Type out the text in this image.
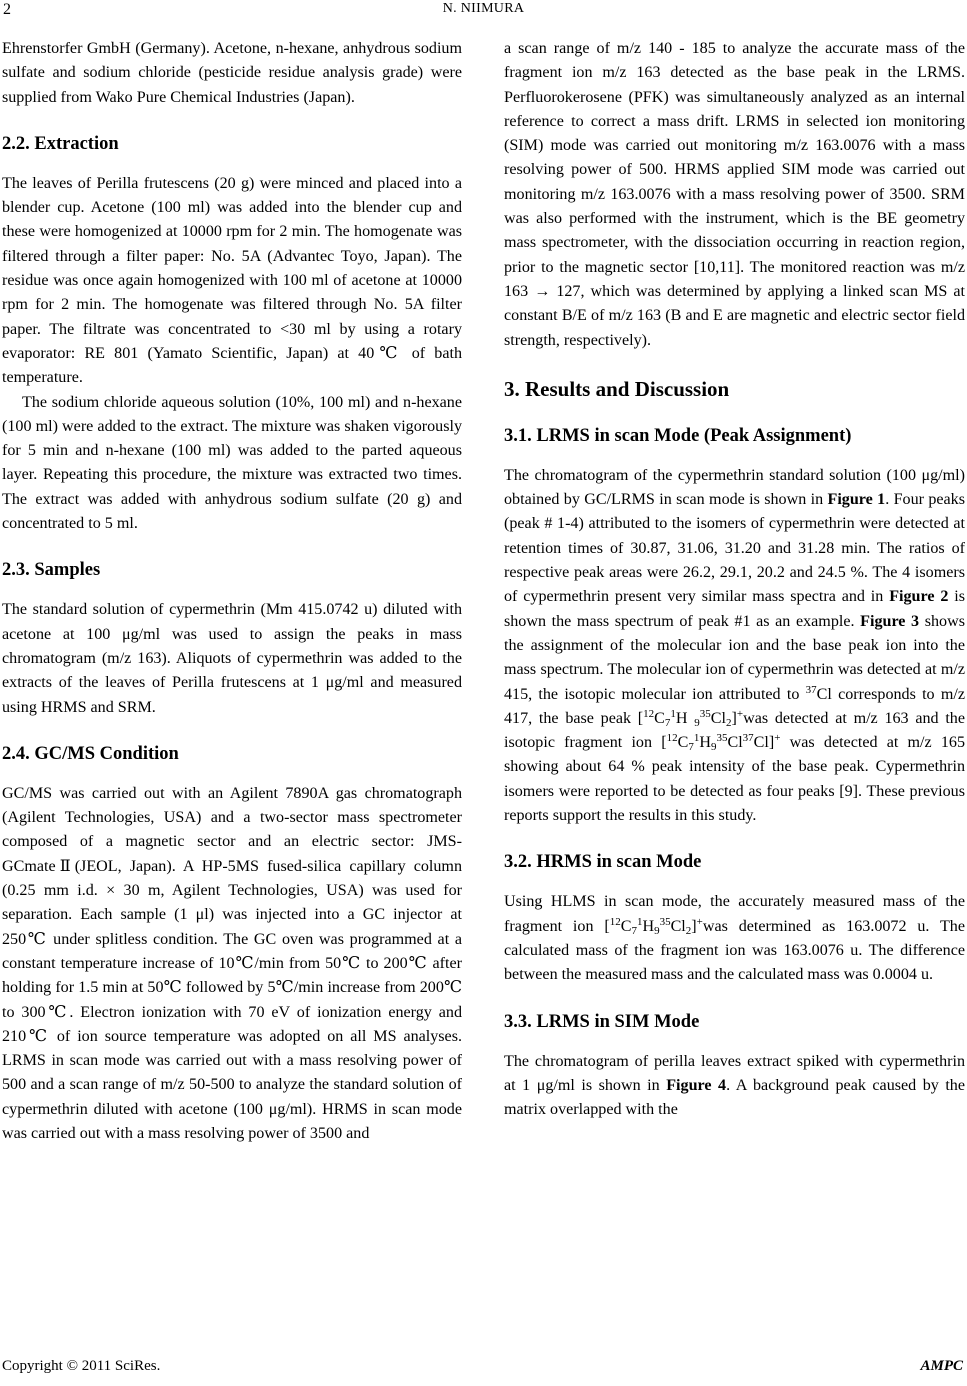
2	N. NIIMURA

Ehrenstorfer GmbH (Germany). Acetone, n-hexane, anhydrous sodium sulfate and sodium chloride (pesticide residue analysis grade) were supplied from Wako Pure Chemical Industries (Japan).

2.2. Extraction

The leaves of Perilla frutescens (20 g) were minced and placed into a blender cup. Acetone (100 ml) was added into the blender cup and these were homogenized at 10000 rpm for 2 min. The homogenate was filtered through a filter paper: No. 5A (Advantec Toyo, Japan). The residue was once again homogenized with 100 ml of acetone at 10000 rpm for 2 min. The homogenate was filtered through No. 5A filter paper. The filtrate was concentrated to <30 ml by using a rotary evaporator: RE 801 (Yamato Scientific, Japan) at 40℃ of bath temperature.

The sodium chloride aqueous solution (10%, 100 ml) and n-hexane (100 ml) were added to the extract. The mixture was shaken vigorously for 5 min and n-hexane (100 ml) was added to the parted aqueous layer. Repeating this procedure, the mixture was extracted two times. The extract was added with anhydrous sodium sulfate (20 g) and concentrated to 5 ml.

2.3. Samples

The standard solution of cypermethrin (Mm 415.0742 u) diluted with acetone at 100 μg/ml was used to assign the peaks in mass chromatogram (m/z 163). Aliquots of cypermethrin was added to the extracts of the leaves of Perilla frutescens at 1 μg/ml and measured using HRMS and SRM.

2.4. GC/MS Condition

GC/MS was carried out with an Agilent 7890A gas chromatograph (Agilent Technologies, USA) and a two-sector mass spectrometer composed of a magnetic sector and an electric sector: JMS-GCmateⅡ(JEOL, Japan). A HP-5MS fused-silica capillary column (0.25 mm i.d. × 30 m, Agilent Technologies, USA) was used for separation. Each sample (1 μl) was injected into a GC injector at 250℃ under splitless condition. The GC oven was programmed at a constant temperature increase of 10℃/min from 50℃ to 200℃ after holding for 1.5 min at 50℃ followed by 5℃/min increase from 200℃ to 300℃. Electron ionization with 70 eV of ionization energy and 210℃ of ion source temperature was adopted on all MS analyses. LRMS in scan mode was carried out with a mass resolving power of 500 and a scan range of m/z 50-500 to analyze the standard solution of cypermethrin diluted with acetone (100 μg/ml). HRMS in scan mode was carried out with a mass resolving power of 3500 and

a scan range of m/z 140 - 185 to analyze the accurate mass of the fragment ion m/z 163 detected as the base peak in the LRMS. Perfluorokerosene (PFK) was simultaneously analyzed as an internal reference to correct a mass drift. LRMS in selected ion monitoring (SIM) mode was carried out monitoring m/z 163.0076 with a mass resolving power of 500. HRMS applied SIM mode was carried out monitoring m/z 163.0076 with a mass resolving power of 3500. SRM was also performed with the instrument, which is the BE geometry mass spectrometer, with the dissociation occurring in reaction region, prior to the magnetic sector [10,11]. The monitored reaction was m/z 163 → 127, which was determined by applying a linked scan MS at constant B/E of m/z 163 (B and E are magnetic and electric sector field strength, respectively).

3. Results and Discussion
3.1. LRMS in scan Mode (Peak Assignment)

The chromatogram of the cypermethrin standard solution (100 μg/ml) obtained by GC/LRMS in scan mode is shown in Figure 1. Four peaks (peak # 1-4) attributed to the isomers of cypermethrin were detected at retention times of 30.87, 31.06, 31.20 and 31.28 min. The ratios of respective peak areas were 26.2, 29.1, 20.2 and 24.5 %. The 4 isomers of cypermethrin present very similar mass spectra and in Figure 2 is shown the mass spectrum of peak #1 as an example. Figure 3 shows the assignment of the molecular ion and the base peak ion into the mass spectrum. The molecular ion of cypermethrin was detected at m/z 415, the isotopic molecular ion attributed to $^{37}$Cl corresponds to m/z 417, the base peak [$^{12}C_7^1H$ $_9^{35}Cl_2]^+was$ detected at m/z 163 and the isotopic fragment ion $[^{12}C_7^1H_9^{35}Cl^{37}Cl]^+$ was detected at m/z 165 showing about 64 % peak intensity of the base peak. Cypermethrin isomers were reported to be detected as four peaks [9]. These previous reports support the results in this study.

3.2. HRMS in scan Mode

Using HLMS in scan mode, the accurately measured mass of the fragment ion $[^{12}C_7^1H_9^{35}Cl_2]^+was$ determined as 163.0072 u. The calculated mass of the fragment ion was 163.0076 u. The difference between the measured mass and the calculated mass was 0.0004 u.

3.3. LRMS in SIM Mode

The chromatogram of perilla leaves extract spiked with cypermethrin at 1 μg/ml is shown in Figure 4. A background peak caused by the matrix overlapped with the

Copyright © 2011 SciRes.	AMPC
